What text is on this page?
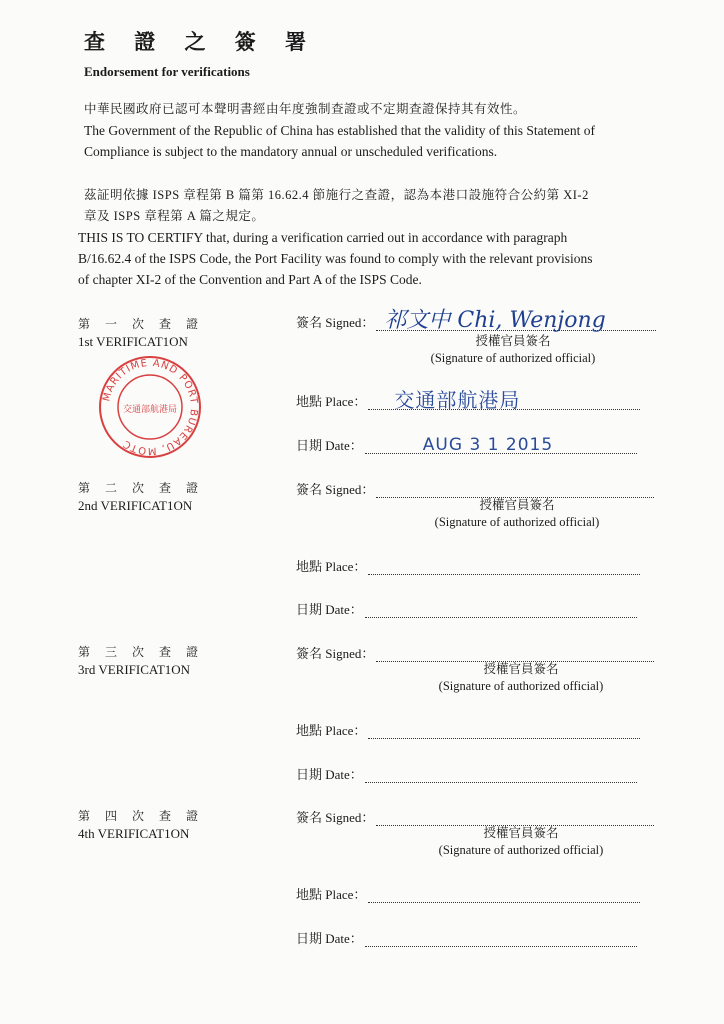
查 證 之 簽 署
Endorsement for verifications
中華民國政府已認可本聲明書經由年度強制查證或不定期查證保持其有效性。
The Government of the Republic of China has established that the validity of this Statement of
Compliance is subject to the mandatory annual or unscheduled verifications.
茲証明依據 ISPS 章程第 B 篇第 16.62.4 節施行之查證，認為本港口設施符合公約第 XI-2
章及 ISPS 章程第 A 篇之規定。
THIS IS TO CERTIFY that, during a verification carried out in accordance with paragraph
B/16.62.4 of the ISPS Code, the Port Facility was found to comply with the relevant provisions
of chapter XI-2 of the Convention and Part A of the ISPS Code.
第 一 次 查 證
1st VERIFICAT1ON
MARITIME AND PORT BUREAU, MOTC
交通部航港局
簽名 Signed： 祁文中 Chi, Wenjong
授權官員簽名
(Signature of authorized official)
地點 Place： 交通部航港局
日期 Date：	AUG 3 1 2015
第 二 次 查 證
2nd VERIFICAT1ON
簽名 Signed：
授權官員簽名
(Signature of authorized official)
地點 Place：
日期 Date：
第 三 次 查 證
3rd VERIFICAT1ON
簽名 Signed：
授權官員簽名
(Signature of authorized official)
地點 Place：
日期 Date：
第 四 次 查 證
4th VERIFICAT1ON
簽名 Signed：
授權官員簽名
(Signature of authorized official)
地點 Place：
日期 Date：
